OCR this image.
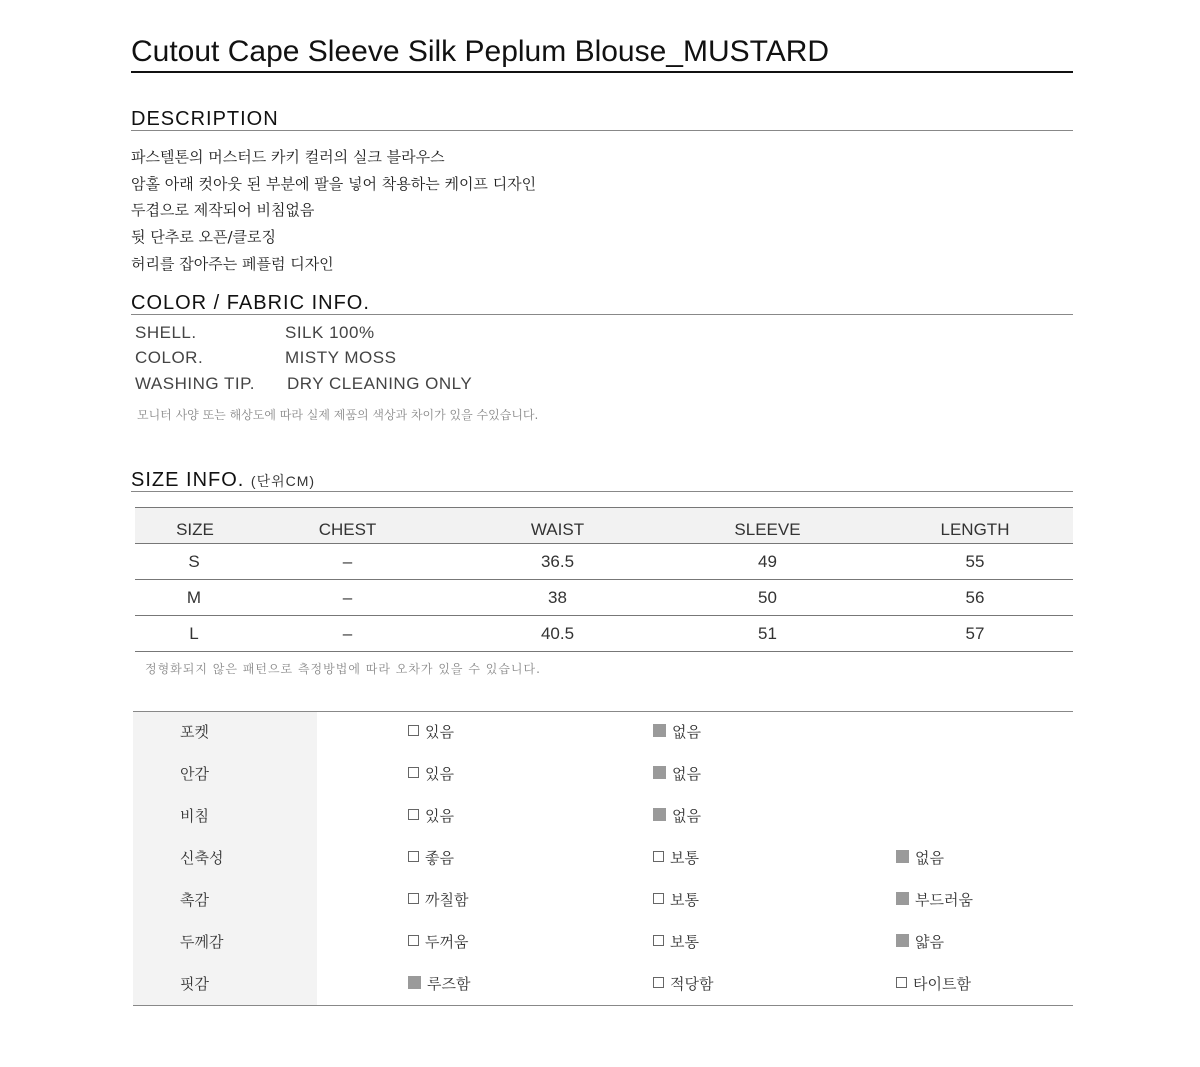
Cutout Cape Sleeve Silk Peplum Blouse_MUSTARD
DESCRIPTION
파스텔톤의 머스터드 카키 컬러의 실크 블라우스
암홀 아래 컷아웃 된 부분에 팔을 넣어 착용하는 케이프 디자인
두겹으로 제작되어 비침없음
뒷 단추로 오픈/클로징
허리를 잡아주는 페플럼 디자인
COLOR / FABRIC INFO.
SHELL.	SILK 100%
COLOR.	MISTY MOSS
WASHING TIP. DRY CLEANING ONLY
모니터 사양 또는 해상도에 따라 실제 제품의 색상과 차이가 있을 수있습니다.
SIZE INFO. (단위CM)
SIZE	CHEST	WAIST	SLEEVE	LENGTH
S	–	36.5	49	55
M	–	38	50	56
L	–	40.5	51	57
정형화되지 않은 패턴으로 측정방법에 따라 오차가 있을 수 있습니다.
포켓	있음	없음
안감	있음	없음
비침	있음	없음
신축성	좋음	보통	없음
촉감	까칠함	보통	부드러움
두께감	두꺼움	보통	얇음
핏감	루즈함	적당함	타이트함
